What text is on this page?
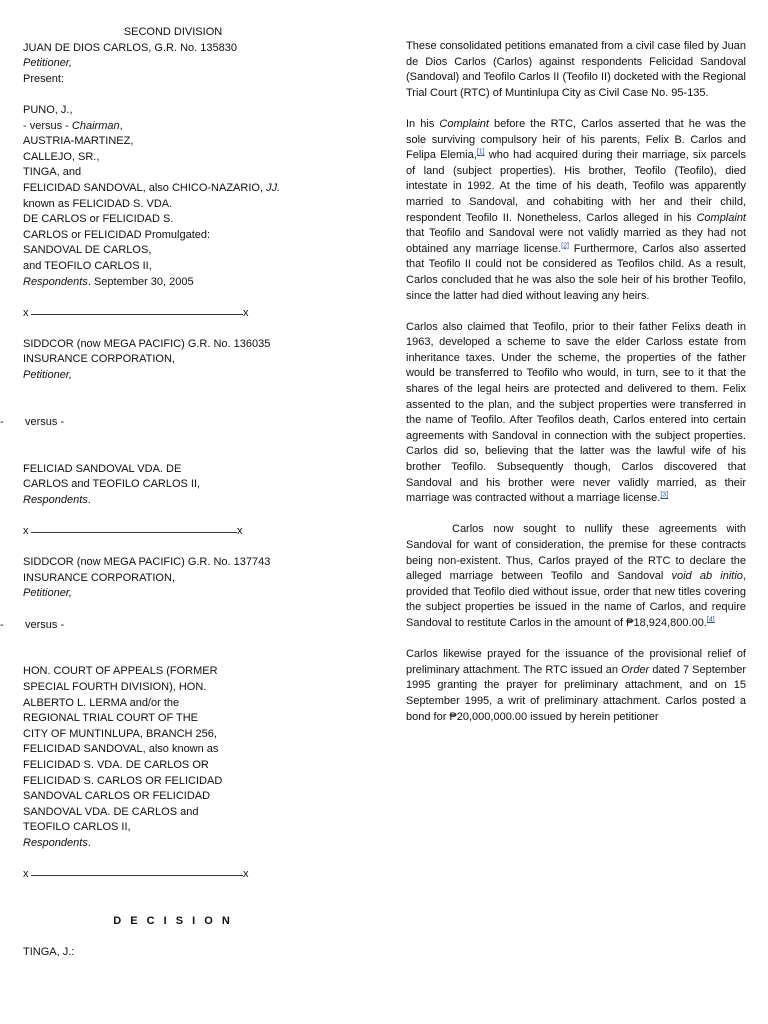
SECOND DIVISION
JUAN DE DIOS CARLOS, G.R. No. 135830
Petitioner,
Present:
PUNO, J.,
- versus - Chairman,
AUSTRIA-MARTINEZ,
CALLEJO, SR.,
TINGA, and
FELICIDAD SANDOVAL, also CHICO-NAZARIO, JJ.
known as FELICIDAD S. VDA.
DE CARLOS or FELICIDAD S.
CARLOS or FELICIDAD Promulgated:
SANDOVAL DE CARLOS,
and TEOFILO CARLOS II,
Respondents. September 30, 2005
x	x
SIDDCOR (now MEGA PACIFIC) G.R. No. 136035
INSURANCE CORPORATION,
Petitioner,
- versus -
FELICIAD SANDOVAL VDA. DE
CARLOS and TEOFILO CARLOS II,
Respondents.
x	x
SIDDCOR (now MEGA PACIFIC) G.R. No. 137743
INSURANCE CORPORATION,
Petitioner,
- versus -
HON. COURT OF APPEALS (FORMER
SPECIAL FOURTH DIVISION), HON.
ALBERTO L. LERMA and/or the
REGIONAL TRIAL COURT OF THE
CITY OF MUNTINLUPA, BRANCH 256,
FELICIDAD SANDOVAL, also known as
FELICIDAD S. VDA. DE CARLOS OR
FELICIDAD S. CARLOS OR FELICIDAD
SANDOVAL CARLOS OR FELICIDAD
SANDOVAL VDA. DE CARLOS and
TEOFILO CARLOS II,
Respondents.
x	x
D E C I S I O N
TINGA, J.:

These consolidated petitions emanated from a civil case filed by Juan de Dios Carlos (Carlos) against respondents Felicidad Sandoval (Sandoval) and Teofilo Carlos II (Teofilo II) docketed with the Regional Trial Court (RTC) of Muntinlupa City as Civil Case No. 95-135.

In his Complaint before the RTC, Carlos asserted that he was the sole surviving compulsory heir of his parents, Felix B. Carlos and Felipa Elemia,[1] who had acquired during their marriage, six parcels of land (subject properties). His brother, Teofilo (Teofilo), died intestate in 1992. At the time of his death, Teofilo was apparently married to Sandoval, and cohabiting with her and their child, respondent Teofilo II. Nonetheless, Carlos alleged in his Complaint that Teofilo and Sandoval were not validly married as they had not obtained any marriage license.[2] Furthermore, Carlos also asserted that Teofilo II could not be considered as Teofilos child. As a result, Carlos concluded that he was also the sole heir of his brother Teofilo, since the latter had died without leaving any heirs.

Carlos also claimed that Teofilo, prior to their father Felixs death in 1963, developed a scheme to save the elder Carloss estate from inheritance taxes. Under the scheme, the properties of the father would be transferred to Teofilo who would, in turn, see to it that the shares of the legal heirs are protected and delivered to them. Felix assented to the plan, and the subject properties were transferred in the name of Teofilo. After Teofilos death, Carlos entered into certain agreements with Sandoval in connection with the subject properties. Carlos did so, believing that the latter was the lawful wife of his brother Teofilo. Subsequently though, Carlos discovered that Sandoval and his brother were never validly married, as their marriage was contracted without a marriage license.[3]

Carlos now sought to nullify these agreements with Sandoval for want of consideration, the premise for these contracts being non-existent. Thus, Carlos prayed of the RTC to declare the alleged marriage between Teofilo and Sandoval void ab initio, provided that Teofilo died without issue, order that new titles covering the subject properties be issued in the name of Carlos, and require Sandoval to restitute Carlos in the amount of ₱18,924,800.00.[4]

Carlos likewise prayed for the issuance of the provisional relief of preliminary attachment. The RTC issued an Order dated 7 September 1995 granting the prayer for preliminary attachment, and on 15 September 1995, a writ of preliminary attachment. Carlos posted a bond for ₱20,000,000.00 issued by herein petitioner
